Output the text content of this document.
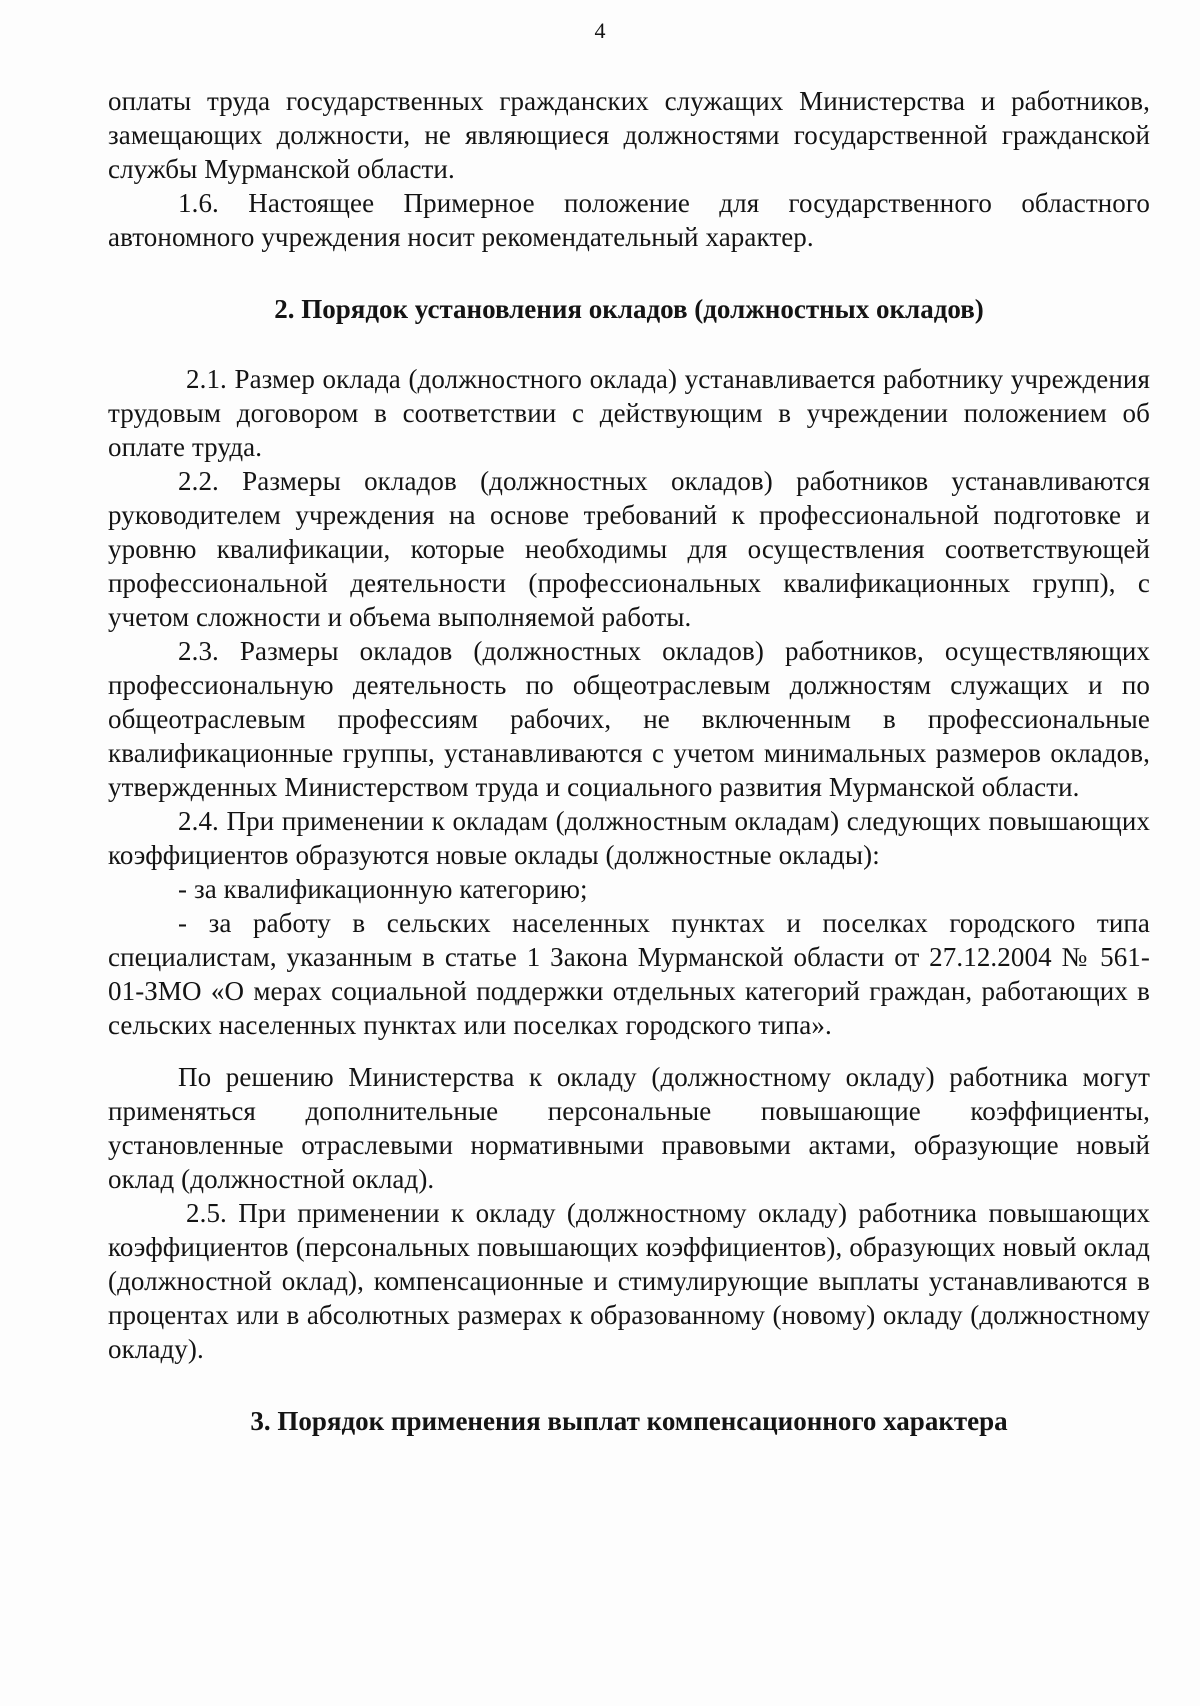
4

оплаты труда государственных гражданских служащих Министерства и работников, замещающих должности, не являющиеся должностями государственной гражданской службы Мурманской области.

1.6. Настоящее Примерное положение для государственного областного автономного учреждения носит рекомендательный характер.

2. Порядок установления окладов (должностных окладов)

2.1. Размер оклада (должностного оклада) устанавливается работнику учреждения трудовым договором в соответствии с действующим в учреждении положением об оплате труда.

2.2. Размеры окладов (должностных окладов) работников устанавливаются руководителем учреждения на основе требований к профессиональной подготовке и уровню квалификации, которые необходимы для осуществления соответствующей профессиональной деятельности (профессиональных квалификационных групп), с учетом сложности и объема выполняемой работы.

2.3. Размеры окладов (должностных окладов) работников, осуществляющих профессиональную деятельность по общеотраслевым должностям служащих и по общеотраслевым профессиям рабочих, не включенным в профессиональные квалификационные группы, устанавливаются с учетом минимальных размеров окладов, утвержденных Министерством труда и социального развития Мурманской области.

2.4. При применении к окладам (должностным окладам) следующих повышающих коэффициентов образуются новые оклады (должностные оклады):

- за квалификационную категорию;

- за работу в сельских населенных пунктах и поселках городского типа специалистам, указанным в статье 1 Закона Мурманской области от 27.12.2004 № 561-01-ЗМО «О мерах социальной поддержки отдельных категорий граждан, работающих в сельских населенных пунктах или поселках городского типа».

По решению Министерства к окладу (должностному окладу) работника могут применяться дополнительные персональные повышающие коэффициенты, установленные отраслевыми нормативными правовыми актами, образующие новый оклад (должностной оклад).

2.5. При применении к окладу (должностному окладу) работника повышающих коэффициентов (персональных повышающих коэффициентов), образующих новый оклад (должностной оклад), компенсационные и стимулирующие выплаты устанавливаются в процентах или в абсолютных размерах к образованному (новому) окладу (должностному окладу).

3. Порядок применения выплат компенсационного характера
